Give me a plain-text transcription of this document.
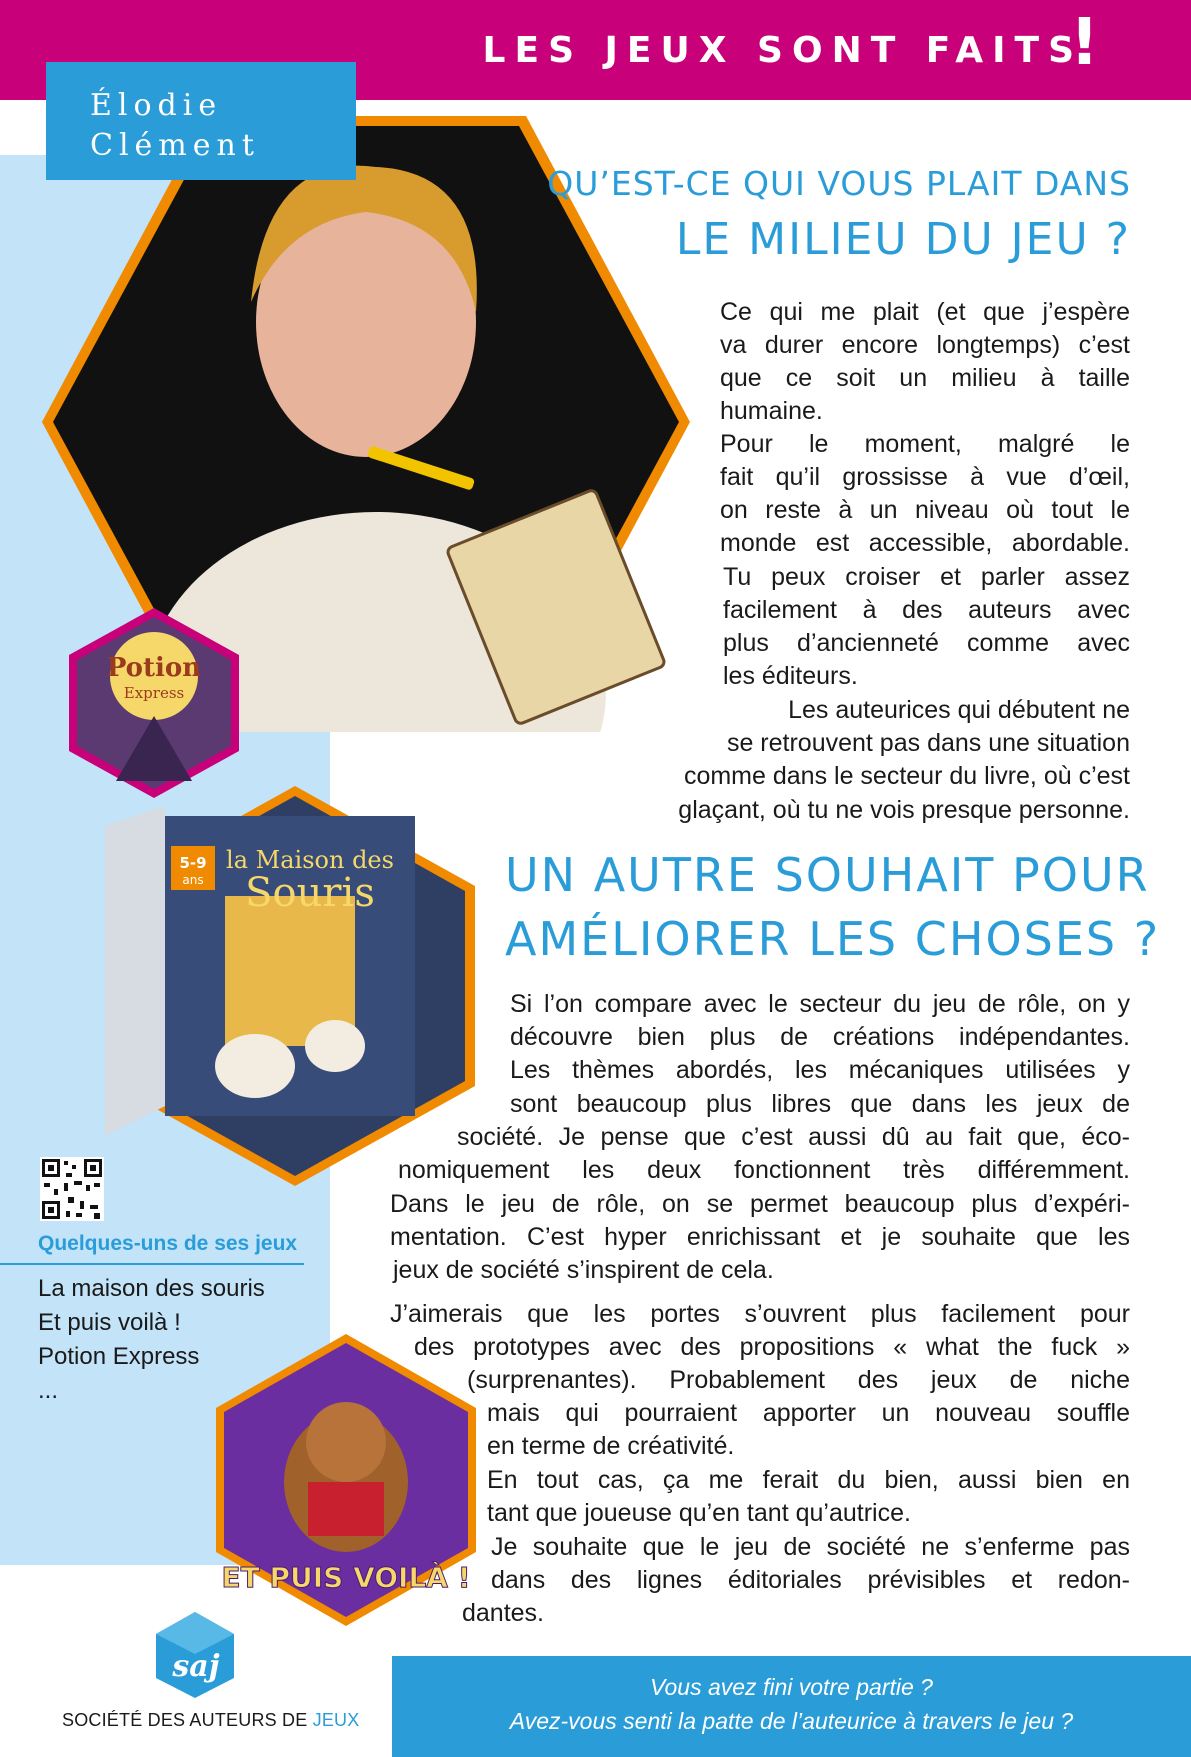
LES JEUX SONT FAITS
!
Potion
Express
5-9
ans
la Maison des
Souris
ET PUIS VOILÀ !
Élodie
Clément
QU’EST-CE QUI VOUS PLAIT DANS
LE MILIEU DU JEU ?
Ce qui me plait (et que j’espère
va durer encore longtemps) c’est
que ce soit un milieu à taille
humaine.
Pour le moment, malgré le
fait qu’il grossisse à vue d’œil,
on reste à un niveau où tout le
monde est accessible, abordable.
Tu peux croiser et parler assez
facilement à des auteurs avec
plus d’ancienneté comme avec
les éditeurs.
Les auteurices qui débutent ne
se retrouvent pas dans une situation
comme dans le secteur du livre, où c’est
glaçant, où tu ne vois presque personne.
UN AUTRE SOUHAIT POUR
AMÉLIORER LES CHOSES ?
Si l’on compare avec le secteur du jeu de rôle, on y
découvre bien plus de créations indépendantes.
Les thèmes abordés, les mécaniques utilisées y
sont beaucoup plus libres que dans les jeux de
société. Je pense que c’est aussi dû au fait que, éco-
nomiquement les deux fonctionnent très différemment.
Dans le jeu de rôle, on se permet beaucoup plus d’expéri-
mentation. C’est hyper enrichissant et je souhaite que les
jeux de société s’inspirent de cela.
J’aimerais que les portes s’ouvrent plus facilement pour
des prototypes avec des propositions « what the fuck »
(surprenantes). Probablement des jeux de niche
mais qui pourraient apporter un nouveau souffle
en terme de créativité.
En tout cas, ça me ferait du bien, aussi bien en
tant que joueuse qu’en tant qu’autrice.
Je souhaite que le jeu de société ne s’enferme pas
dans des lignes éditoriales prévisibles et redon-
dantes.
Quelques-uns de ses jeux
La maison des souris
Et puis voilà !
Potion Express
...
saj
SOCIÉTÉ DES AUTEURS DE JEUX
Vous avez fini votre partie ?
Avez-vous senti la patte de l’auteurice à travers le jeu ?
